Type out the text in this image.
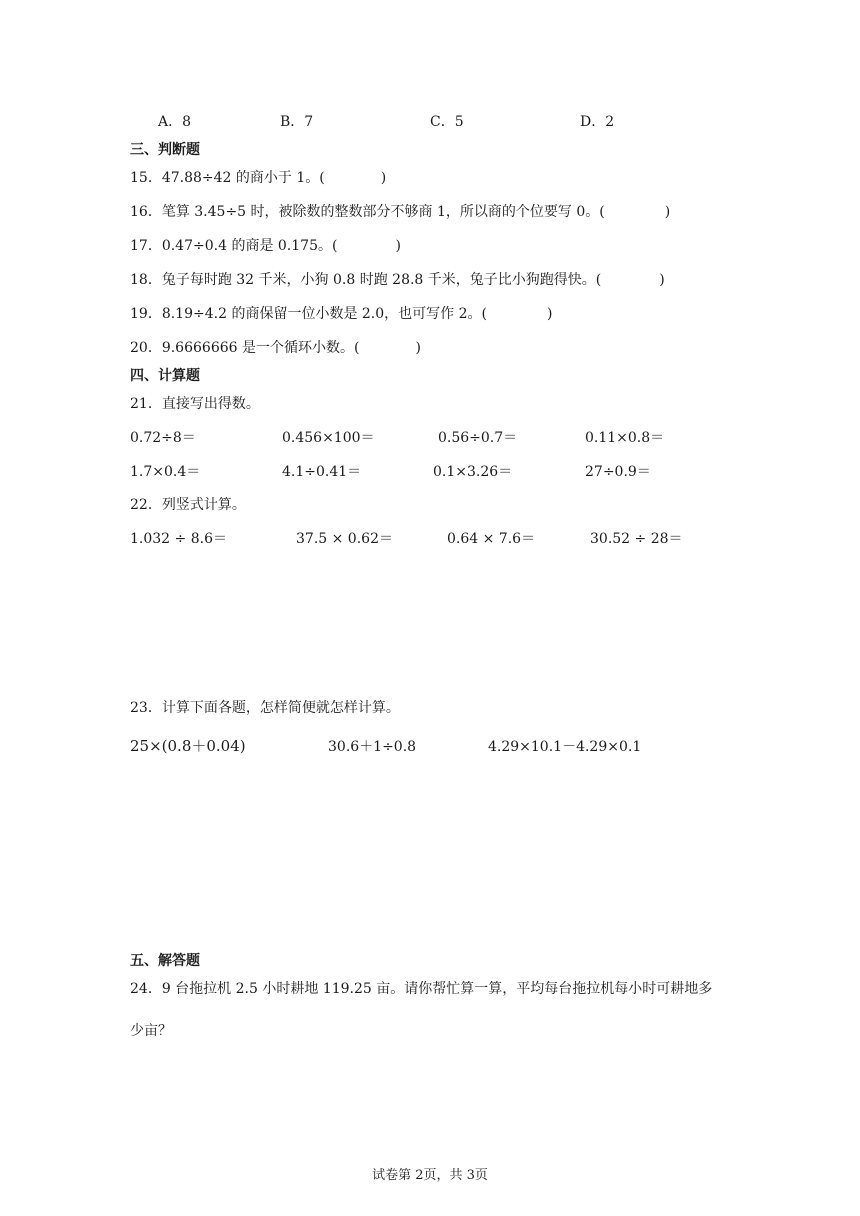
A．8	B．7	C．5	D．2
三、判断题
15．47.88÷42 的商小于 1。(	)
16．笔算 3.45÷5 时，被除数的整数部分不够商 1，所以商的个位要写 0。(	)
17．0.47÷0.4 的商是 0.175。(	)
18．兔子每时跑 32 千米，小狗 0.8 时跑 28.8 千米，兔子比小狗跑得快。(	)
19．8.19÷4.2 的商保留一位小数是 2.0，也可写作 2。(	)
20．9.6666666 是一个循环小数。(	)
四、计算题
21．直接写出得数。
0.72÷8＝	0.456×100＝	0.56÷0.7＝	0.11×0.8＝
1.7×0.4＝	4.1÷0.41＝	0.1×3.26＝	27÷0.9＝
22．列竖式计算。
1.032 ÷ 8.6＝	37.5 × 0.62＝	0.64 × 7.6＝	30.52 ÷ 28＝
23．计算下面各题，怎样简便就怎样计算。
25×(0.8＋0.04)	30.6＋1÷0.8	4.29×10.1－4.29×0.1
五、解答题
24．9 台拖拉机 2.5 小时耕地 119.25 亩。请你帮忙算一算，平均每台拖拉机每小时可耕地多
少亩？
试卷第 2页，共 3页
